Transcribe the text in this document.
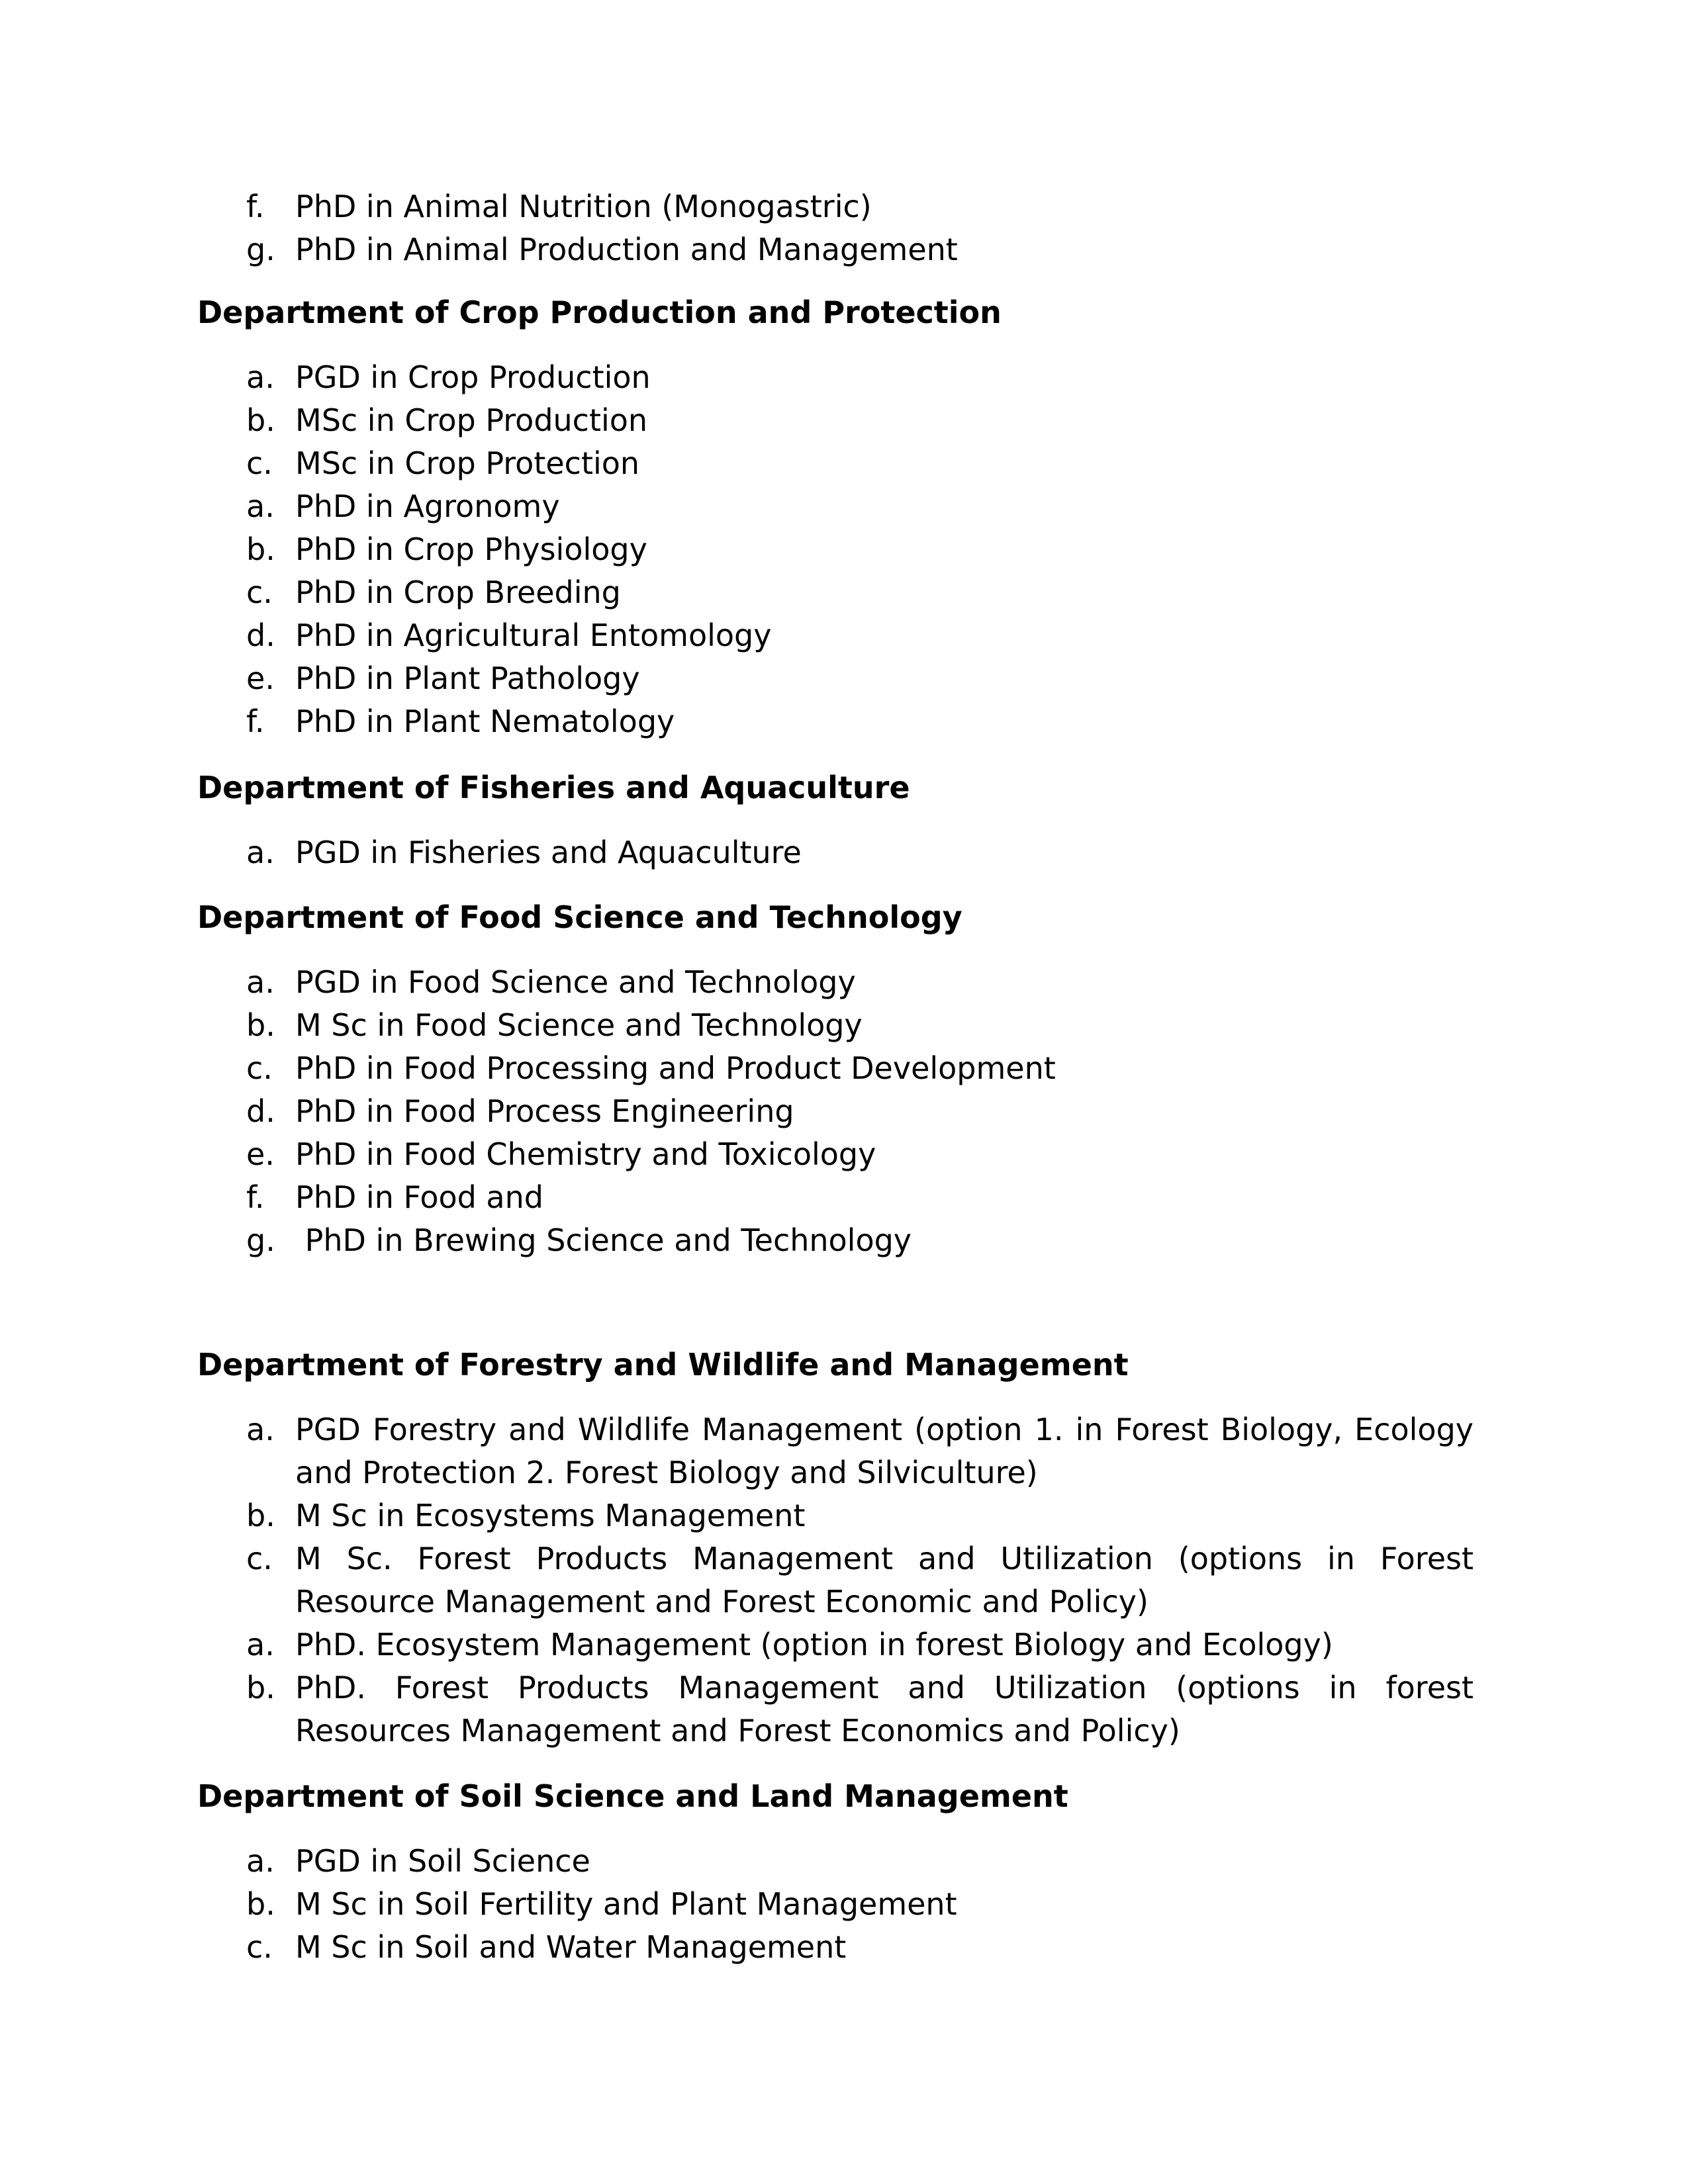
f. PhD in Animal Nutrition (Monogastric)
g. PhD in Animal Production and Management
Department of Crop Production and Protection
a. PGD in Crop Production
b. MSc in Crop Production
c. MSc in Crop Protection
a. PhD in Agronomy
b. PhD in Crop Physiology
c. PhD in Crop Breeding
d. PhD in Agricultural Entomology
e. PhD in Plant Pathology
f. PhD in Plant Nematology
Department of Fisheries and Aquaculture
a. PGD in Fisheries and Aquaculture
Department of Food Science and Technology
a. PGD in Food Science and Technology
b. M Sc in Food Science and Technology
c. PhD in Food Processing and Product Development
d. PhD in Food Process Engineering
e. PhD in Food Chemistry and Toxicology
f. PhD in Food and
g. PhD in Brewing Science and Technology
Department of Forestry and Wildlife and Management
a. PGD Forestry and Wildlife Management (option 1. in Forest Biology, Ecology and Protection 2. Forest Biology and Silviculture)
b. M Sc in Ecosystems Management
c. M Sc. Forest Products Management and Utilization (options in Forest Resource Management and Forest Economic and Policy)
a. PhD. Ecosystem Management (option in forest Biology and Ecology)
b. PhD. Forest Products Management and Utilization (options in forest Resources Management and Forest Economics and Policy)
Department of Soil Science and Land Management
a. PGD in Soil Science
b. M Sc in Soil Fertility and Plant Management
c. M Sc in Soil and Water Management
